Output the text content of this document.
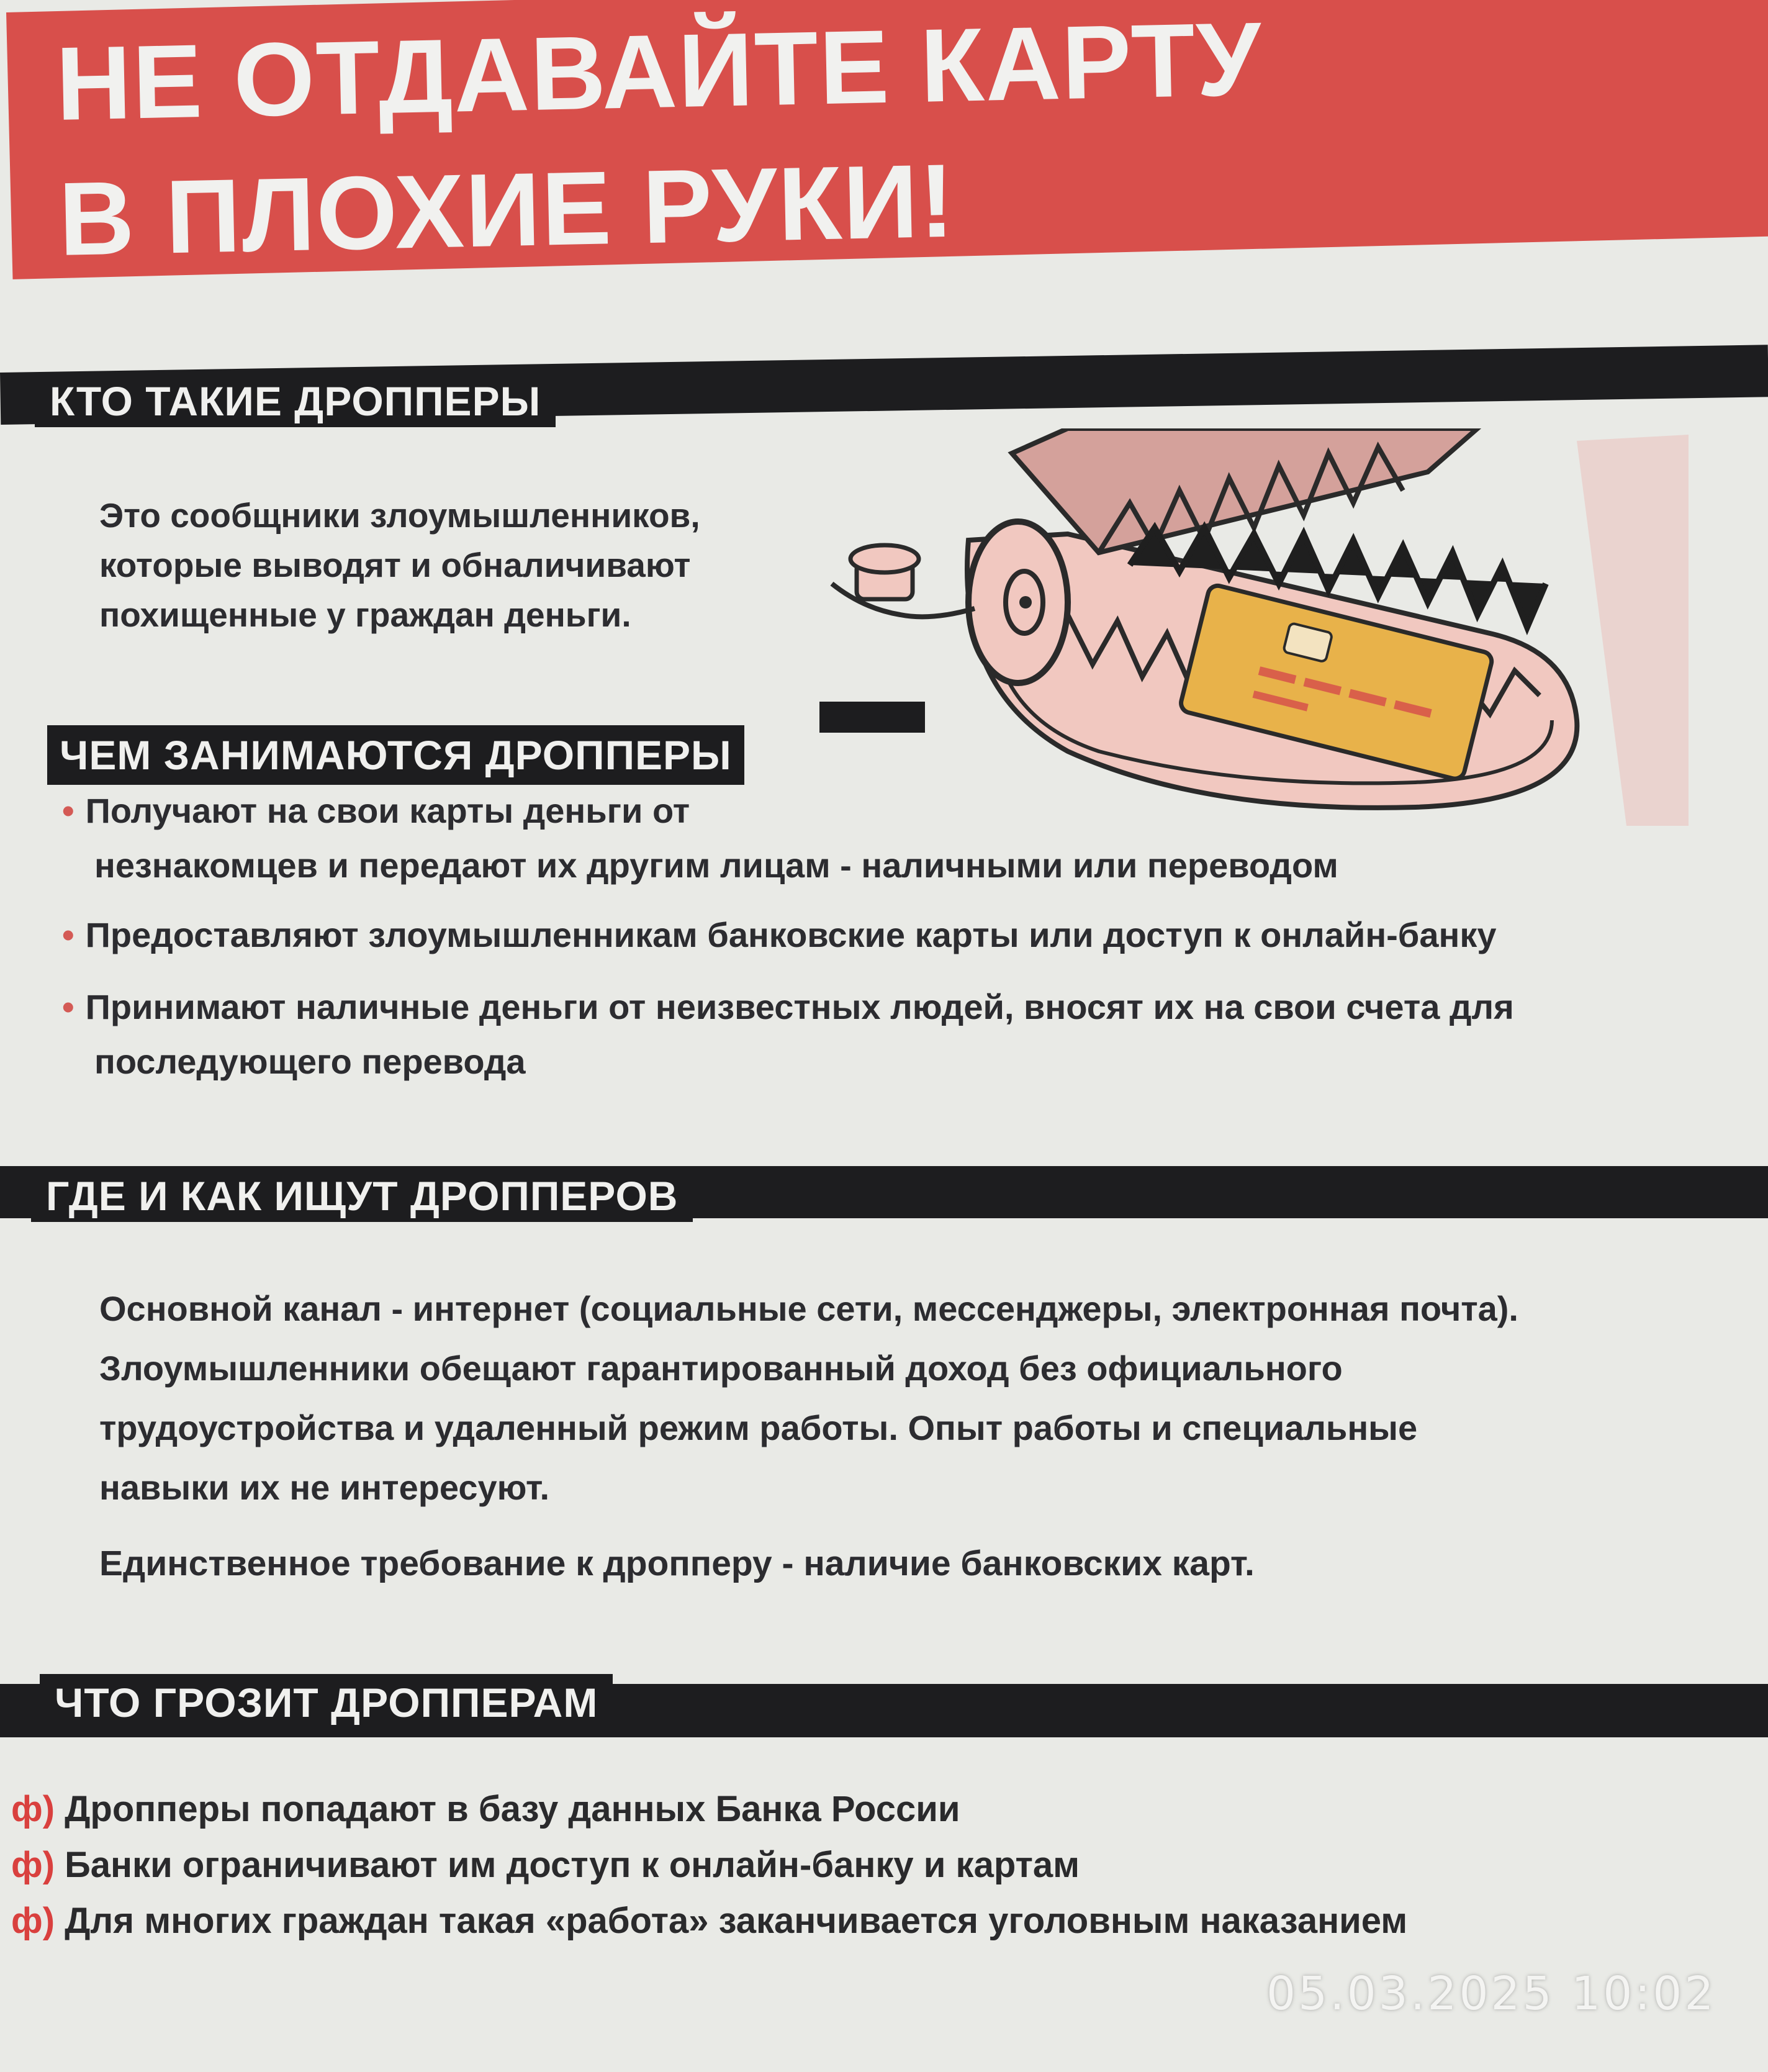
НЕ ОТДАВАЙТЕ КАРТУ
В ПЛОХИЕ РУКИ!
КТО ТАКИЕ ДРОППЕРЫ
Это сообщники злоумышленников,
которые выводят и обналичивают
похищенные у граждан деньги.
ЧЕМ ЗАНИМАЮТСЯ ДРОППЕРЫ
• Получают на свои карты деньги от
незнакомцев и передают их другим лицам - наличными или переводом
• Предоставляют злоумышленникам банковские карты или доступ к онлайн-банку
• Принимают наличные деньги от неизвестных людей, вносят их на свои счета для
последующего перевода
ГДЕ И КАК ИЩУТ ДРОППЕРОВ
Основной канал - интернет (социальные сети, мессенджеры, электронная почта).
Злоумышленники обещают гарантированный доход без официального
трудоустройства и удаленный режим работы. Опыт работы и специальные
навыки их не интересуют.
Единственное требование к дропперу - наличие банковских карт.
ЧТО ГРОЗИТ ДРОППЕРАМ
ф) Дропперы попадают в базу данных Банка России
ф) Банки ограничивают им доступ к онлайн-банку и картам
ф) Для многих граждан такая «работа» заканчивается уголовным наказанием
05.03.2025 10:02
